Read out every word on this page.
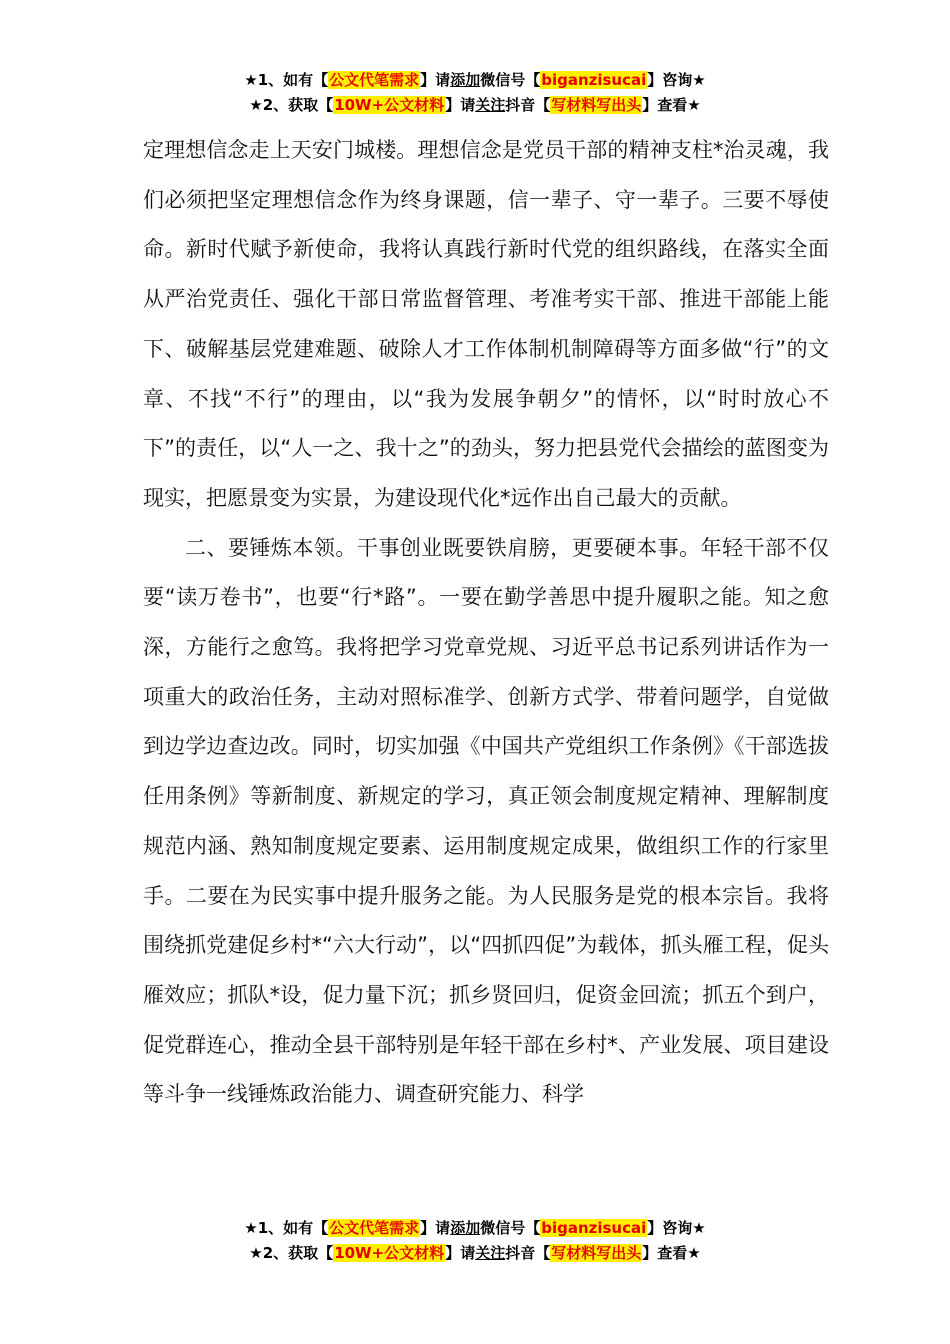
★1、如有【公文代笔需求】请添加微信号【biganzisucai】咨询★
★2、获取【10W+公文材料】请关注抖音【写材料写出头】查看★

定理想信念走上天安门城楼。理想信念是党员干部的精神支柱*治灵魂，我们必须把坚定理想信念作为终身课题，信一辈子、守一辈子。三要不辱使命。新时代赋予新使命，我将认真践行新时代党的组织路线，在落实全面从严治党责任、强化干部日常监督管理、考准考实干部、推进干部能上能下、破解基层党建难题、破除人才工作体制机制障碍等方面多做“行”的文章、不找“不行”的理由，以“我为发展争朝夕”的情怀，以“时时放心不下”的责任，以“人一之、我十之”的劲头，努力把县党代会描绘的蓝图变为现实，把愿景变为实景，为建设现代化*远作出自己最大的贡献。

二、要锤炼本领。干事创业既要铁肩膀，更要硬本事。年轻干部不仅要“读万卷书”，也要“行*路”。一要在勤学善思中提升履职之能。知之愈深，方能行之愈笃。我将把学习党章党规、习近平总书记系列讲话作为一项重大的政治任务，主动对照标准学、创新方式学、带着问题学，自觉做到边学边查边改。同时，切实加强《中国共产党组织工作条例》《干部选拔任用条例》等新制度、新规定的学习，真正领会制度规定精神、理解制度规范内涵、熟知制度规定要素、运用制度规定成果，做组织工作的行家里手。二要在为民实事中提升服务之能。为人民服务是党的根本宗旨。我将围绕抓党建促乡村*“六大行动”，以“四抓四促”为载体，抓头雁工程，促头雁效应；抓队*设，促力量下沉；抓乡贤回归，促资金回流；抓五个到户，促党群连心，推动全县干部特别是年轻干部在乡村*、产业发展、项目建设等斗争一线锤炼政治能力、调查研究能力、科学

★1、如有【公文代笔需求】请添加微信号【biganzisucai】咨询★
★2、获取【10W+公文材料】请关注抖音【写材料写出头】查看★
